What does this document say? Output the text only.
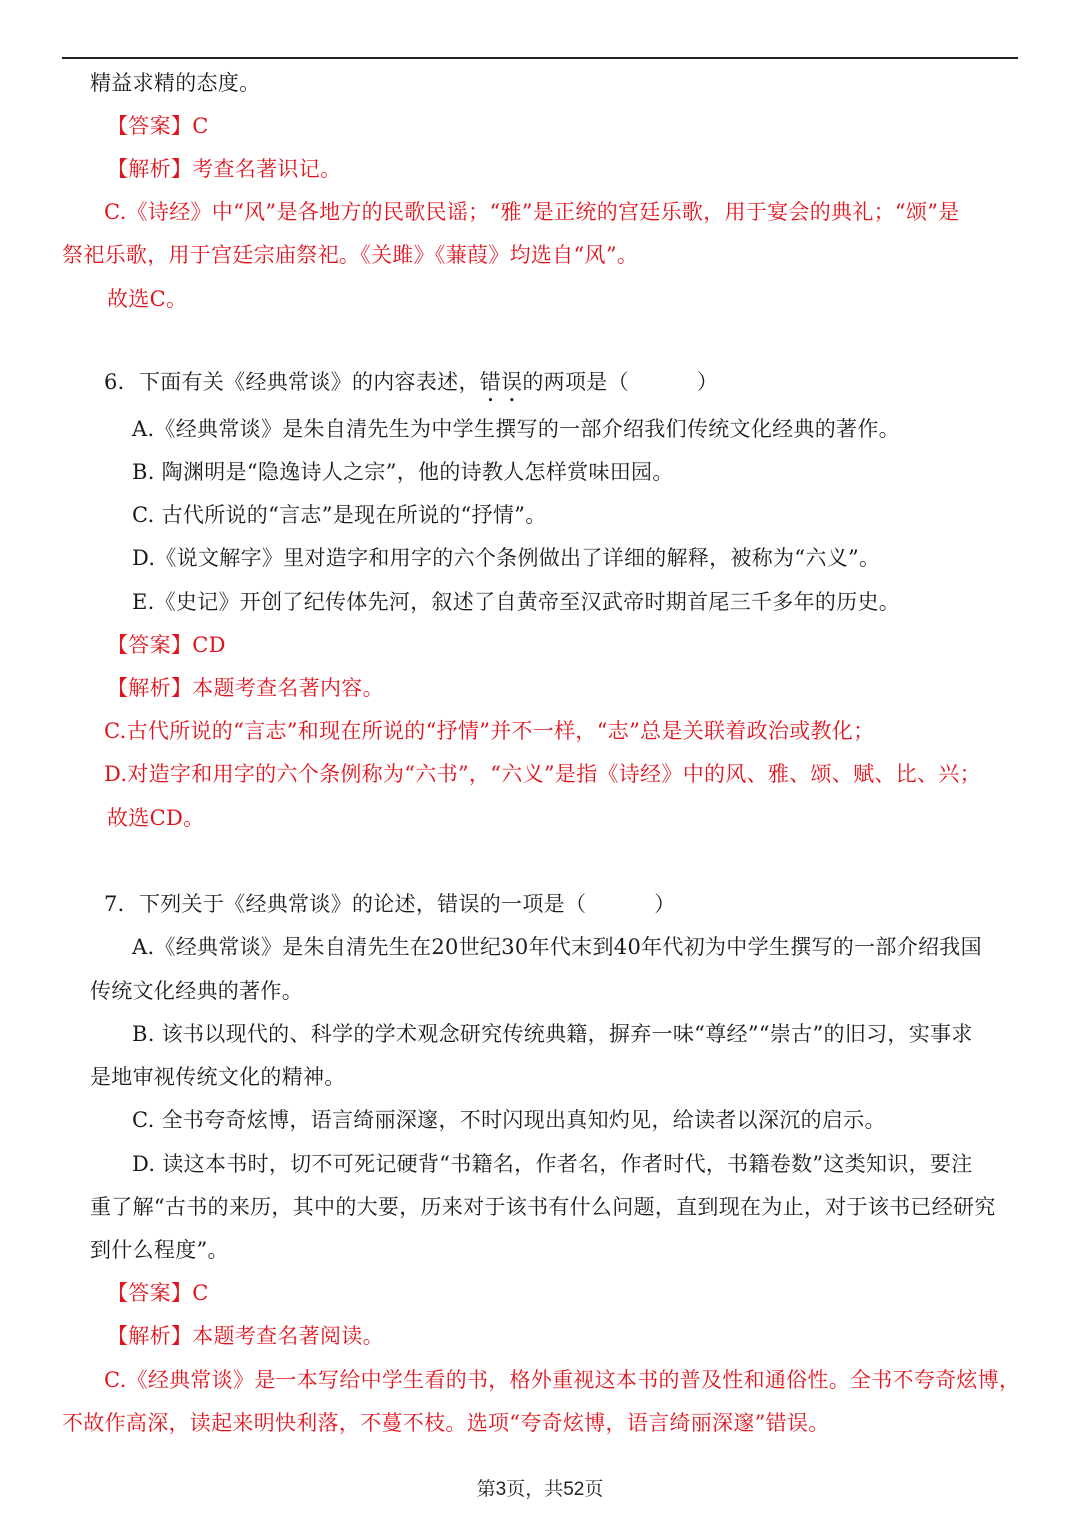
精益求精的态度。
【答案】C
【解析】考查名著识记。
C.《诗经》中“风”是各地方的民歌民谣；“雅”是正统的宫廷乐歌，用于宴会的典礼；“颂”是
祭祀乐歌，用于宫廷宗庙祭祀。《关雎》《蒹葭》均选自“风”。
故选C。
6．下面有关《经典常谈》的内容表述，错误的两项是（	）
A.《经典常谈》是朱自清先生为中学生撰写的一部介绍我们传统文化经典的著作。
B. 陶渊明是“隐逸诗人之宗”，他的诗教人怎样赏味田园。
C. 古代所说的“言志”是现在所说的“抒情”。
D.《说文解字》里对造字和用字的六个条例做出了详细的解释，被称为“六义”。
E.《史记》开创了纪传体先河，叙述了自黄帝至汉武帝时期首尾三千多年的历史。
【答案】CD
【解析】本题考查名著内容。
C.古代所说的“言志”和现在所说的“抒情”并不一样，“志”总是关联着政治或教化；
D.对造字和用字的六个条例称为“六书”，“六义”是指《诗经》中的风、雅、颂、赋、比、兴；
故选CD。
7．下列关于《经典常谈》的论述，错误的一项是（	）
A.《经典常谈》是朱自清先生在20世纪30年代末到40年代初为中学生撰写的一部介绍我国
传统文化经典的著作。
B. 该书以现代的、科学的学术观念研究传统典籍，摒弃一味“尊经”“崇古”的旧习，实事求
是地审视传统文化的精神。
C. 全书夸奇炫博，语言绮丽深邃，不时闪现出真知灼见，给读者以深沉的启示。
D. 读这本书时，切不可死记硬背“书籍名，作者名，作者时代，书籍卷数”这类知识，要注
重了解“古书的来历，其中的大要，历来对于该书有什么问题，直到现在为止，对于该书已经研究
到什么程度”。
【答案】C
【解析】本题考查名著阅读。
C.《经典常谈》是一本写给中学生看的书，格外重视这本书的普及性和通俗性。全书不夸奇炫博，
不故作高深，读起来明快利落，不蔓不枝。选项“夸奇炫博，语言绮丽深邃”错误。
第3页，共52页
